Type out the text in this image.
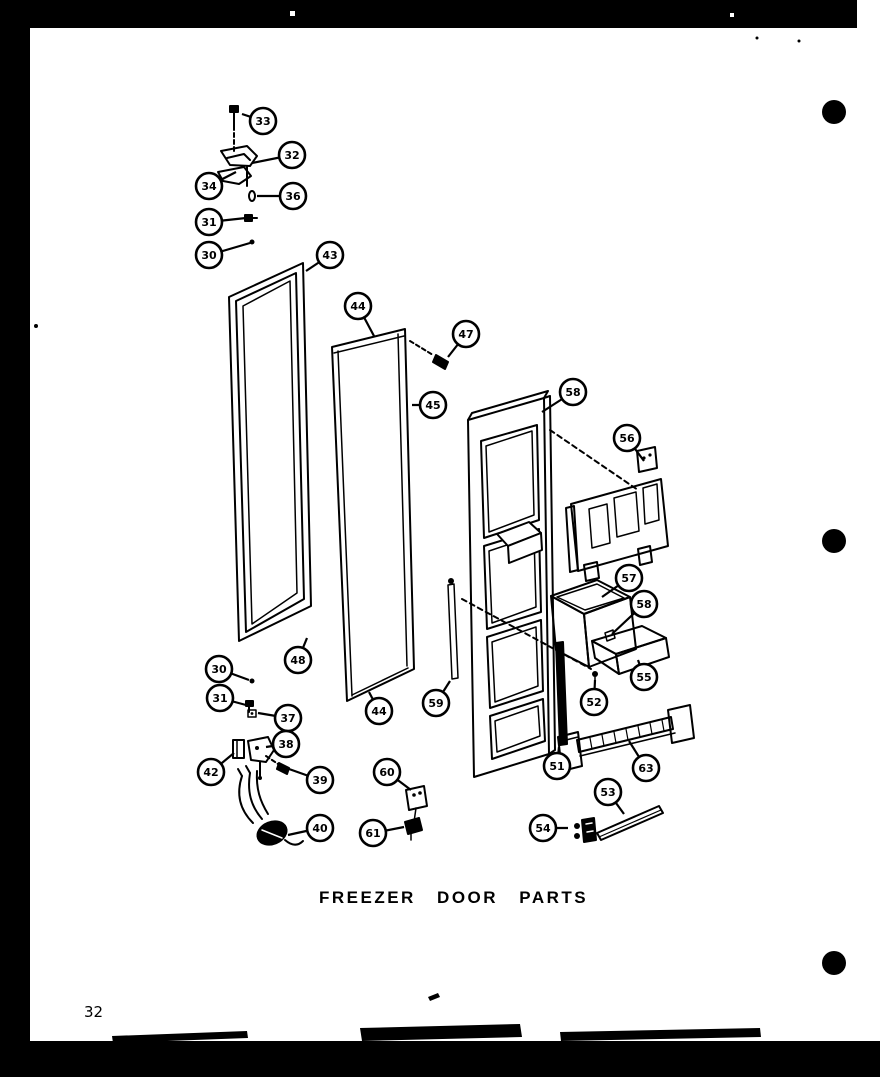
33
32
34
36
31
30	43
44
47
45
58
56
57
58
55
59
48
30
31
37
38
42
39
40
44
60
61
51
52
63
53
54
FREEZER DOOR PARTS
32
